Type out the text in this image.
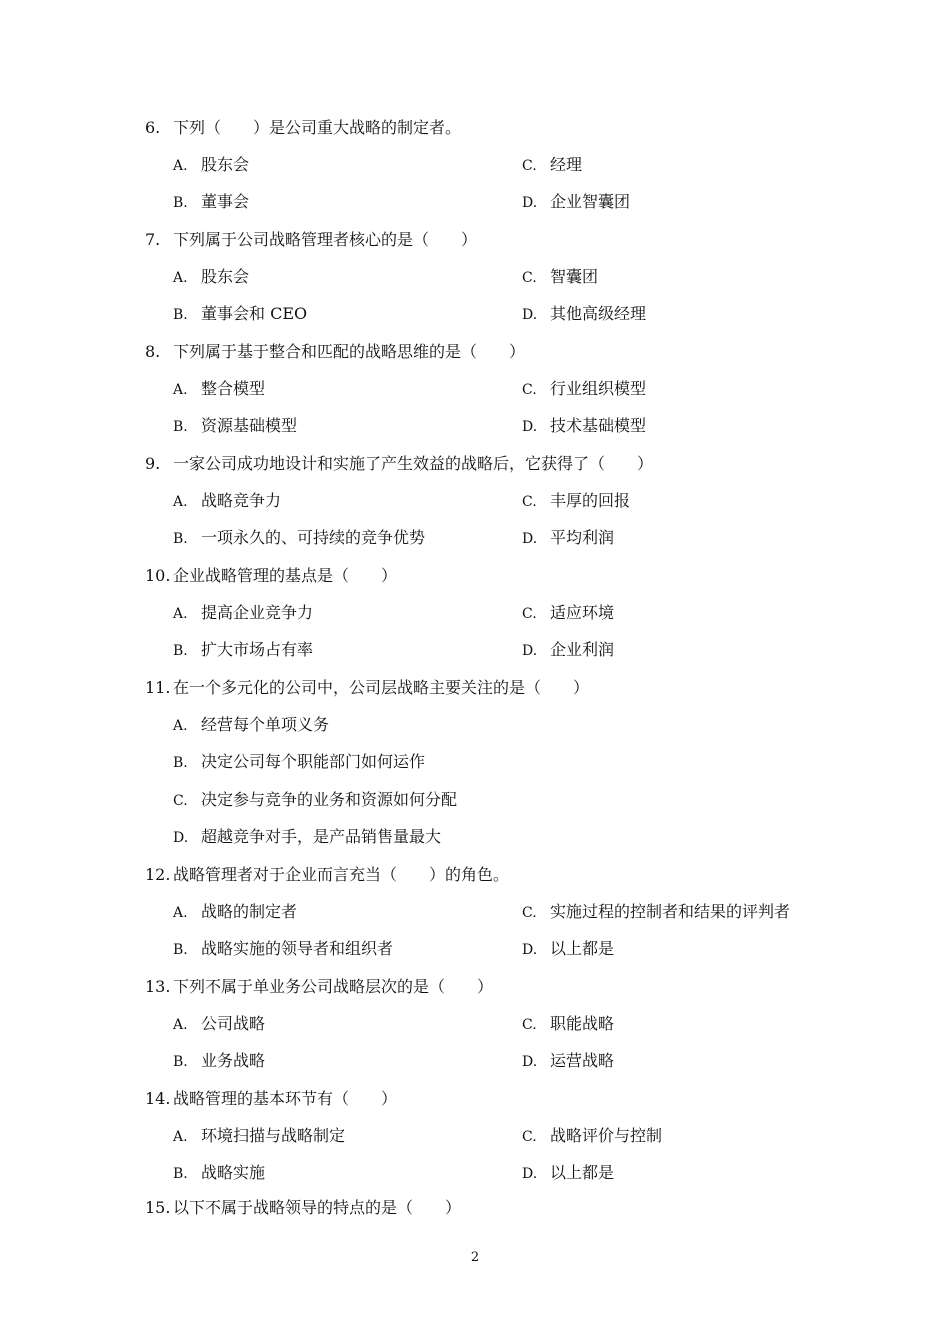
6. 下列（　　）是公司重大战略的制定者。
A. 股东会	C. 经理
B. 董事会	D. 企业智囊团
7. 下列属于公司战略管理者核心的是（　　）
A. 股东会	C. 智囊团
B. 董事会和 CEO	D. 其他高级经理
8. 下列属于基于整合和匹配的战略思维的是（　　）
A. 整合模型	C. 行业组织模型
B. 资源基础模型	D. 技术基础模型
9. 一家公司成功地设计和实施了产生效益的战略后，它获得了（　　）
A. 战略竞争力	C. 丰厚的回报
B. 一项永久的、可持续的竞争优势	D. 平均利润
10. 企业战略管理的基点是（　　）
A. 提高企业竞争力	C. 适应环境
B. 扩大市场占有率	D. 企业利润
11. 在一个多元化的公司中，公司层战略主要关注的是（　　）
A. 经营每个单项义务
B. 决定公司每个职能部门如何运作
C. 决定参与竞争的业务和资源如何分配
D. 超越竞争对手，是产品销售量最大
12. 战略管理者对于企业而言充当（　　）的角色。
A. 战略的制定者	C. 实施过程的控制者和结果的评判者
B. 战略实施的领导者和组织者	D. 以上都是
13. 下列不属于单业务公司战略层次的是（　　）
A. 公司战略	C. 职能战略
B. 业务战略	D. 运营战略
14. 战略管理的基本环节有（　　）
A. 环境扫描与战略制定	C. 战略评价与控制
B. 战略实施	D. 以上都是
15. 以下不属于战略领导的特点的是（　　）
2
